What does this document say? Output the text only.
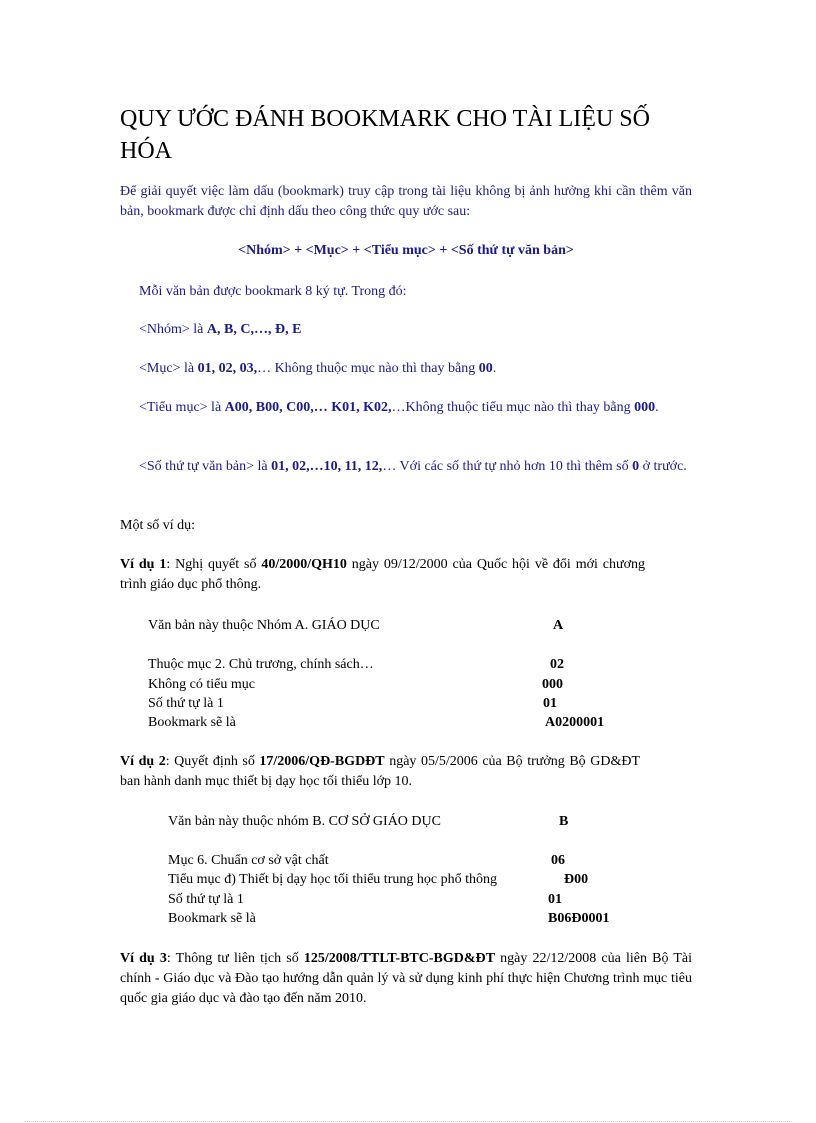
QUY ƯỚC ĐÁNH BOOKMARK CHO TÀI LIỆU SỐ HÓA

Để giải quyết việc làm dấu (bookmark) truy cập trong tài liệu không bị ảnh hưởng khi cần thêm văn bản, bookmark được chỉ định dấu theo công thức quy ước sau:

<Nhóm> + <Mục> + <Tiểu mục> + <Số thứ tự văn bản>

Mỗi văn bản được bookmark 8 ký tự. Trong đó:

<Nhóm> là A, B, C,…, Đ, E

<Mục> là 01, 02, 03,… Không thuộc mục nào thì thay bằng 00.

<Tiểu mục> là A00, B00, C00,… K01, K02,…Không thuộc tiểu mục nào thì thay bằng 000.

<Số thứ tự văn bản> là 01, 02,…10, 11, 12,… Với các số thứ tự nhỏ hơn 10 thì thêm số 0 ở trước.

Một số ví dụ:

Ví dụ 1: Nghị quyết số 40/2000/QH10 ngày 09/12/2000 của Quốc hội về đổi mới chương trình giáo dục phổ thông.

Văn bản này thuộc Nhóm A. GIÁO DỤC	A
Thuộc mục 2. Chủ trương, chính sách…	02
Không có tiểu mục	000
Số thứ tự là 1	01
Bookmark sẽ là	A0200001

Ví dụ 2: Quyết định số 17/2006/QĐ-BGDĐT ngày 05/5/2006 của Bộ trưởng Bộ GD&ĐT ban hành danh mục thiết bị dạy học tối thiểu lớp 10.

Văn bản này thuộc nhóm B. CƠ SỞ GIÁO DỤC	B
Mục 6. Chuẩn cơ sở vật chất	06
Tiểu mục đ) Thiết bị dạy học tối thiểu trung học phổ thông	Đ00
Số thứ tự là 1	01
Bookmark sẽ là	B06Đ0001

Ví dụ 3: Thông tư liên tịch số 125/2008/TTLT-BTC-BGD&ĐT ngày 22/12/2008 của liên Bộ Tài chính - Giáo dục và Đào tạo hướng dẫn quản lý và sử dụng kinh phí thực hiện Chương trình mục tiêu quốc gia giáo dục và đào tạo đến năm 2010.
